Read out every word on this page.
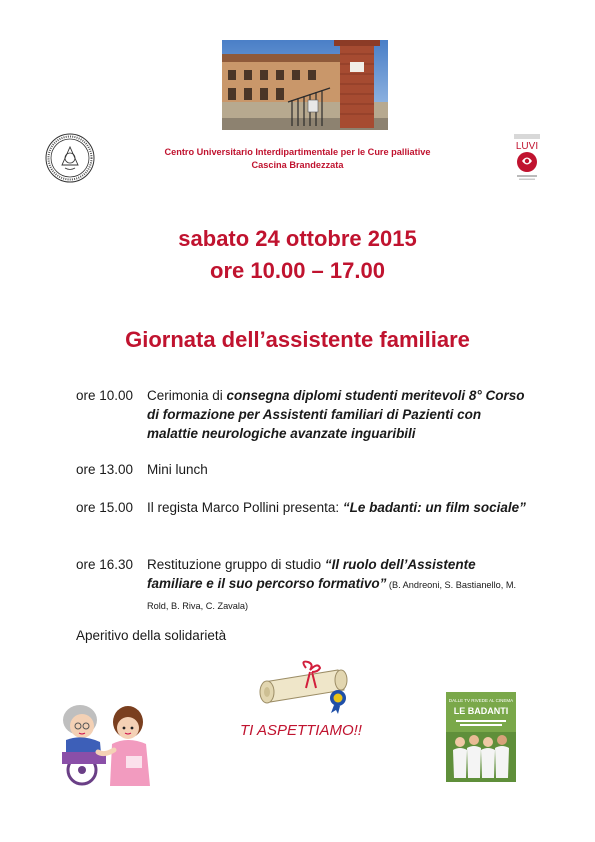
LUVI
Centro Universitario Interdipartimentale per le Cure palliative
Cascina Brandezzata
sabato 24 ottobre 2015
ore 10.00 – 17.00
Giornata dell’assistente familiare
ore 10.00	Cerimonia di consegna diplomi studenti meritevoli 8° Corso di formazione per Assistenti familiari di Pazienti con malattie neurologiche avanzate inguaribili
ore 13.00	Mini lunch
ore 15.00	Il regista Marco Pollini presenta: “Le badanti: un film sociale”
ore 16.30	Restituzione gruppo di studio “Il ruolo dell’Assistente familiare e il suo percorso formativo” (B. Andreoni, S. Bastianello, M. Rold, B. Riva, C. Zavala)
Aperitivo della solidarietà
TI ASPETTIAMO!!
DALLE TV RIVEDE AL CINEMA
LE BADANTI
